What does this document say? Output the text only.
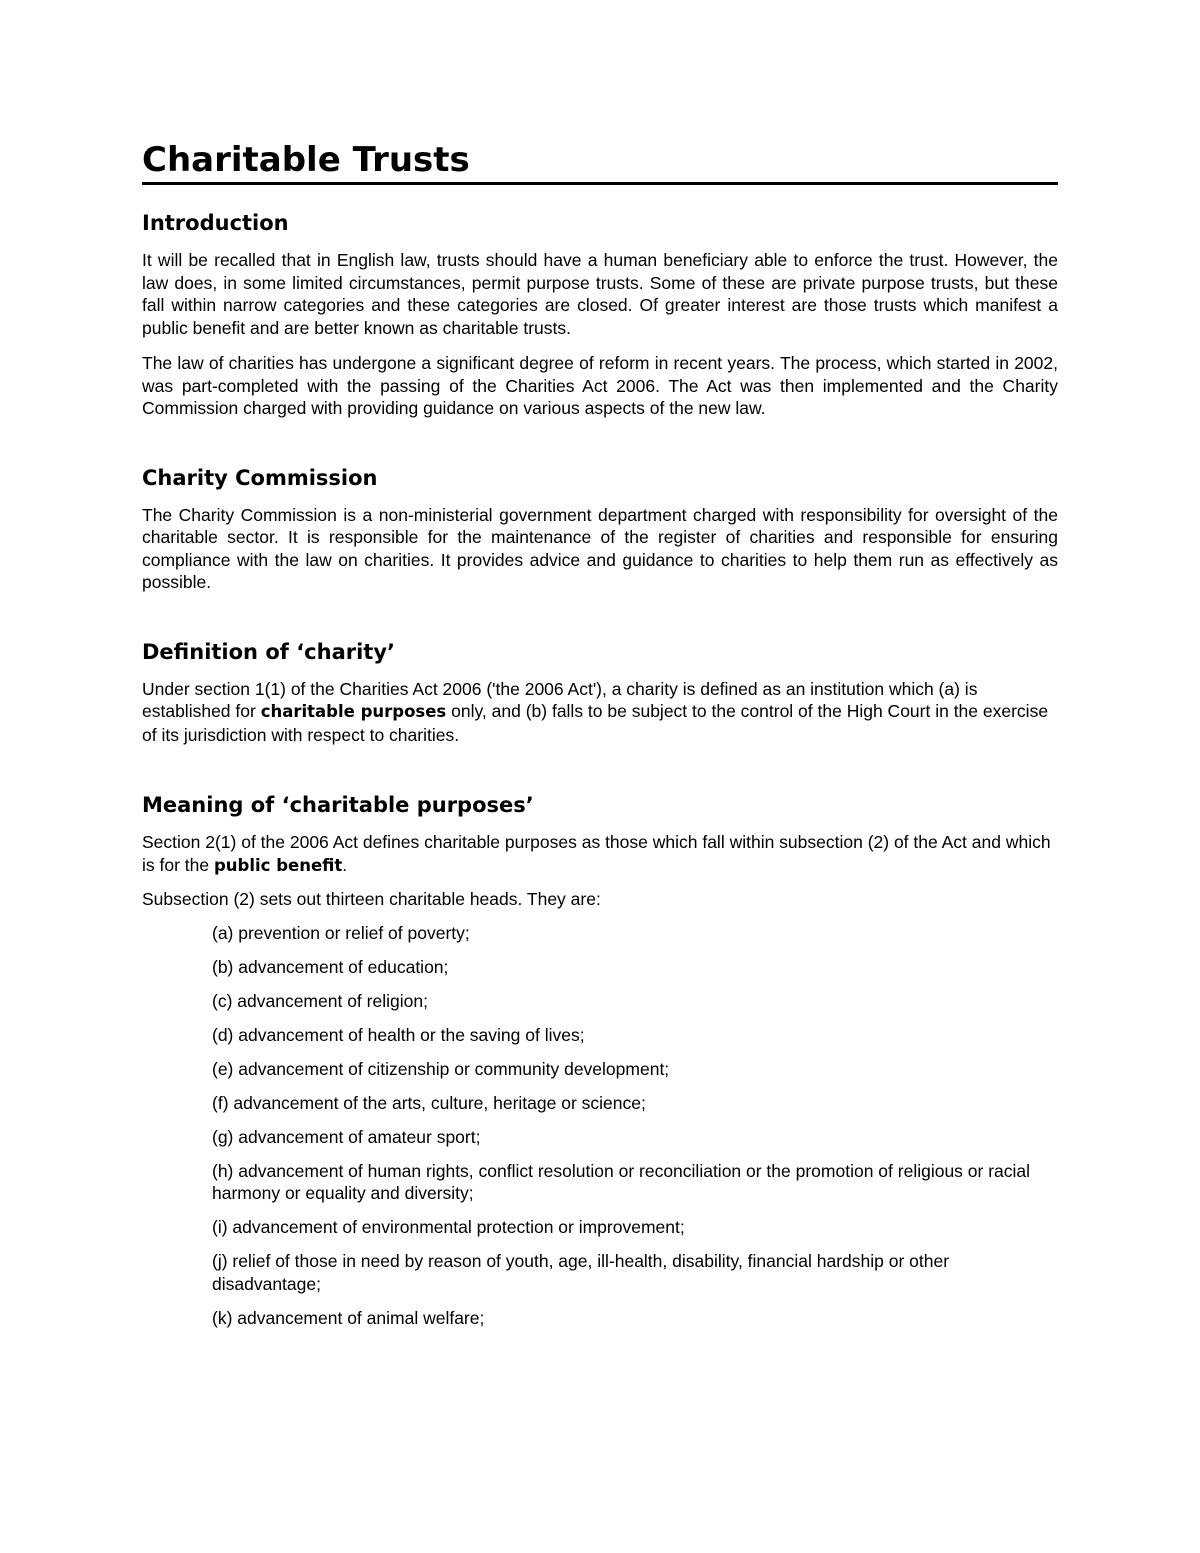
Charitable Trusts
Introduction

It will be recalled that in English law, trusts should have a human beneficiary able to enforce the trust. However, the law does, in some limited circumstances, permit purpose trusts. Some of these are private purpose trusts, but these fall within narrow categories and these categories are closed. Of greater interest are those trusts which manifest a public benefit and are better known as charitable trusts.

The law of charities has undergone a significant degree of reform in recent years. The process, which started in 2002, was part-completed with the passing of the Charities Act 2006. The Act was then implemented and the Charity Commission charged with providing guidance on various aspects of the new law.

Charity Commission

The Charity Commission is a non-ministerial government department charged with responsibility for oversight of the charitable sector. It is responsible for the maintenance of the register of charities and responsible for ensuring compliance with the law on charities. It provides advice and guidance to charities to help them run as effectively as possible.

Definition of ‘charity’

Under section 1(1) of the Charities Act 2006 ('the 2006 Act'), a charity is defined as an institution which (a) is established for charitable purposes only, and (b) falls to be subject to the control of the High Court in the exercise of its jurisdiction with respect to charities.

Meaning of ‘charitable purposes’

Section 2(1) of the 2006 Act defines charitable purposes as those which fall within subsection (2) of the Act and which is for the public benefit.

Subsection (2) sets out thirteen charitable heads. They are:

(a) prevention or relief of poverty;
(b) advancement of education;
(c) advancement of religion;
(d) advancement of health or the saving of lives;
(e) advancement of citizenship or community development;
(f) advancement of the arts, culture, heritage or science;
(g) advancement of amateur sport;
(h) advancement of human rights, conflict resolution or reconciliation or the promotion of religious or racial harmony or equality and diversity;
(i) advancement of environmental protection or improvement;
(j) relief of those in need by reason of youth, age, ill-health, disability, financial hardship or other disadvantage;
(k) advancement of animal welfare;
